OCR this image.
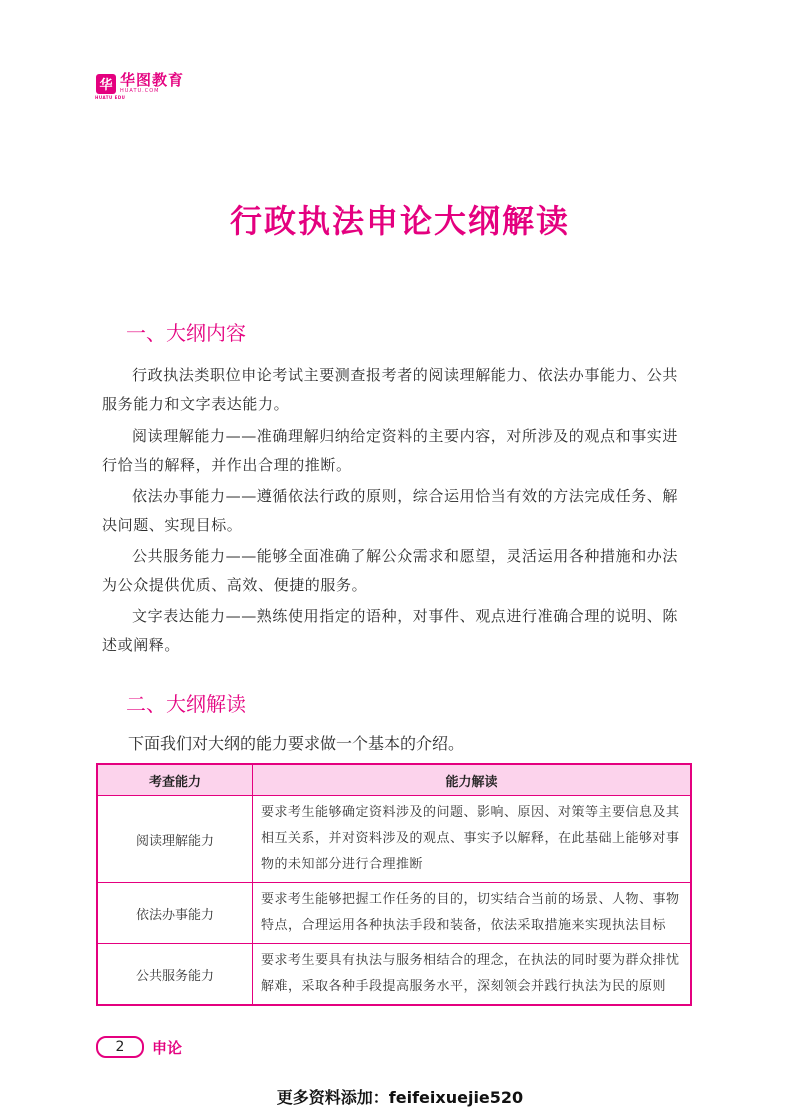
华
HUATU EDU
华图教育
HUATU.COM
行政执法申论大纲解读
一、大纲内容
行政执法类职位申论考试主要测查报考者的阅读理解能力、依法办事能力、公共服务能力和文字表达能力。
阅读理解能力——准确理解归纳给定资料的主要内容，对所涉及的观点和事实进行恰当的解释，并作出合理的推断。
依法办事能力——遵循依法行政的原则，综合运用恰当有效的方法完成任务、解决问题、实现目标。
公共服务能力——能够全面准确了解公众需求和愿望，灵活运用各种措施和办法为公众提供优质、高效、便捷的服务。
文字表达能力——熟练使用指定的语种，对事件、观点进行准确合理的说明、陈述或阐释。
二、大纲解读
下面我们对大纲的能力要求做一个基本的介绍。
考查能力	能力解读
阅读理解能力	要求考生能够确定资料涉及的问题、影响、原因、对策等主要信息及其相互关系，并对资料涉及的观点、事实予以解释，在此基础上能够对事物的未知部分进行合理推断
依法办事能力	要求考生能够把握工作任务的目的，切实结合当前的场景、人物、事物特点，合理运用各种执法手段和装备，依法采取措施来实现执法目标
公共服务能力	要求考生要具有执法与服务相结合的理念，在执法的同时要为群众排忧解难，采取各种手段提高服务水平，深刻领会并践行执法为民的原则
2	申论
更多资料添加：feifeixuejie520
